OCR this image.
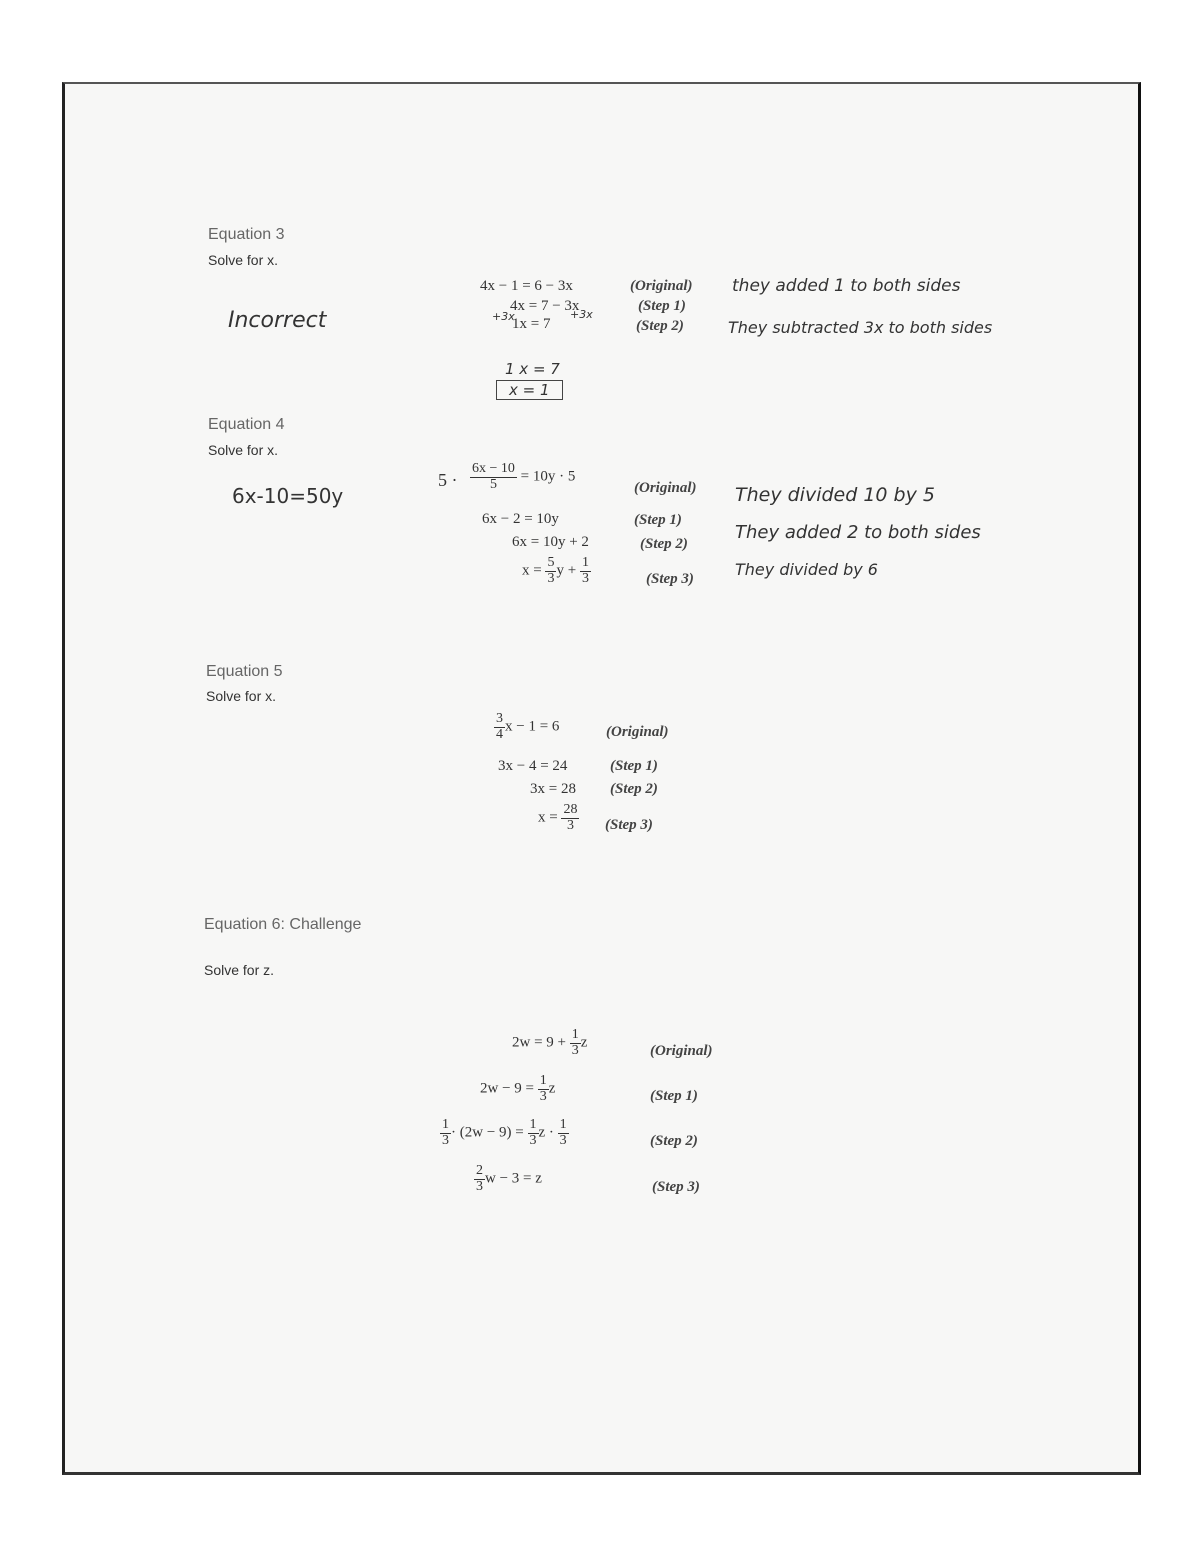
Equation 3
Solve for x.
Incorrect
4x − 1 = 6 − 3x
4x = 7 − 3x
1x = 7
+3x	+3x
(Original)
(Step 1)
(Step 2)
they added 1 to both sides
They subtracted 3x to both sides
1 x = 7
x = 1
Equation 4
Solve for x.
6x-10=50y
$5 \cdot \frac{6x - 10}{5} = 10y \cdot 5$
6x − 2 = 10y
6x = 10y + 2
$x = \frac{5}{3}$ $y + \frac{1}{3}$
(Original)
(Step 1)
(Step 2)
(Step 3)
They divided 10 by 5
They added 2 to both sides
They divided by 6
Equation 5
Solve for x.
$\frac{3}{4}$ x − 1 = 6
3x − 4 = 24
3x = 28
$x = \frac{28}{3}$
(Original)
(Step 1)
(Step 2)
(Step 3)
Equation 6: Challenge
Solve for z.
$2w = 9 + \frac{1}{3}$ z
$2w - 9 = \frac{1}{3}$ z
$\frac{1}{3} \cdot (2w - 9) = \frac{1}{3}$ $z \cdot \frac{1}{3}$
$\frac{2}{3}$ w − 3 = z
(Original)
(Step 1)
(Step 2)
(Step 3)
